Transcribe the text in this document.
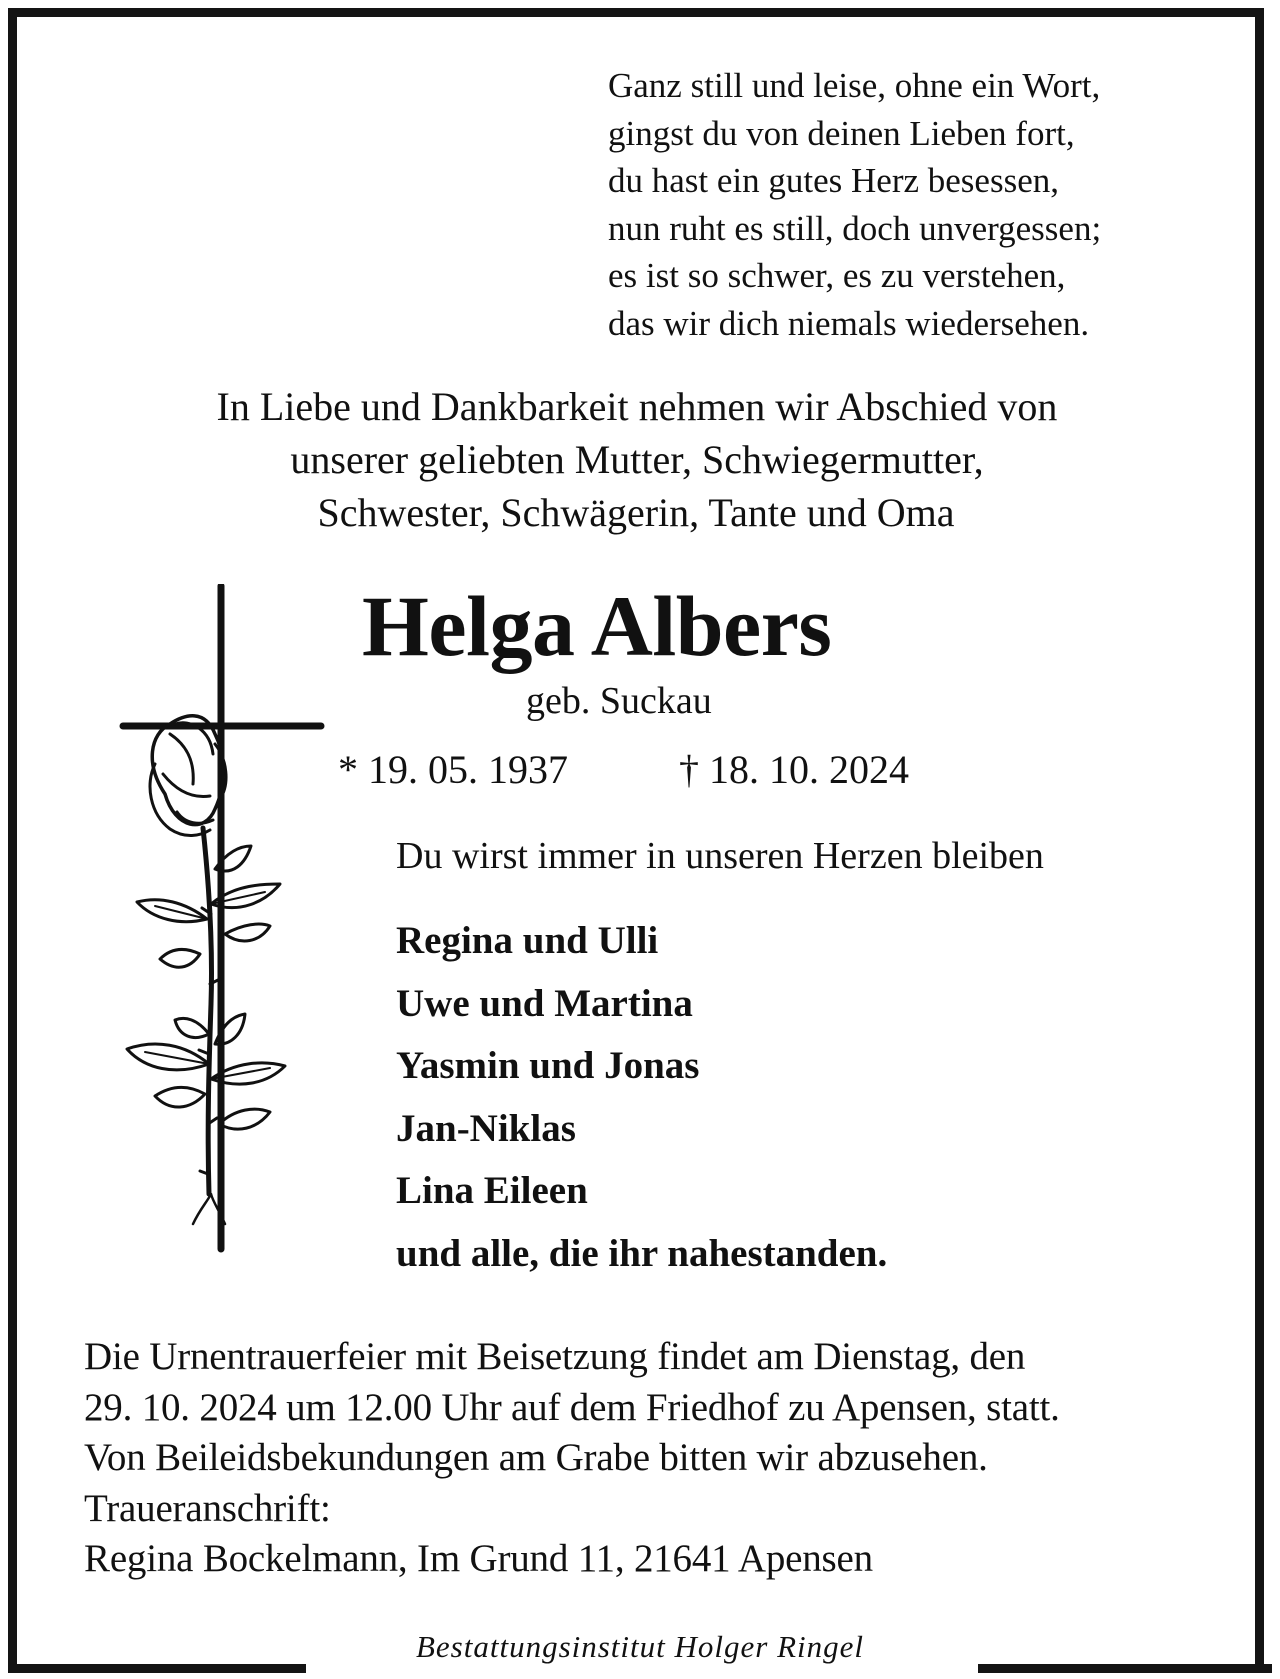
Ganz still und leise, ohne ein Wort,
gingst du von deinen Lieben fort,
du hast ein gutes Herz besessen,
nun ruht es still, doch unvergessen;
es ist so schwer, es zu verstehen,
das wir dich niemals wiedersehen.
In Liebe und Dankbarkeit nehmen wir Abschied von
unserer geliebten Mutter, Schwiegermutter,
Schwester, Schwägerin, Tante und Oma
Helga Albers
geb. Suckau
* 19. 05. 1937	† 18. 10. 2024
Du wirst immer in unseren Herzen bleiben
Regina und Ulli
Uwe und Martina
Yasmin und Jonas
Jan-Niklas
Lina Eileen
und alle, die ihr nahestanden.
Die Urnentrauerfeier mit Beisetzung findet am Dienstag, den
29. 10. 2024 um 12.00 Uhr auf dem Friedhof zu Apensen, statt.
Von Beileidsbekundungen am Grabe bitten wir abzusehen.
Traueranschrift:
Regina Bockelmann, Im Grund 11, 21641 Apensen
Bestattungsinstitut Holger Ringel
